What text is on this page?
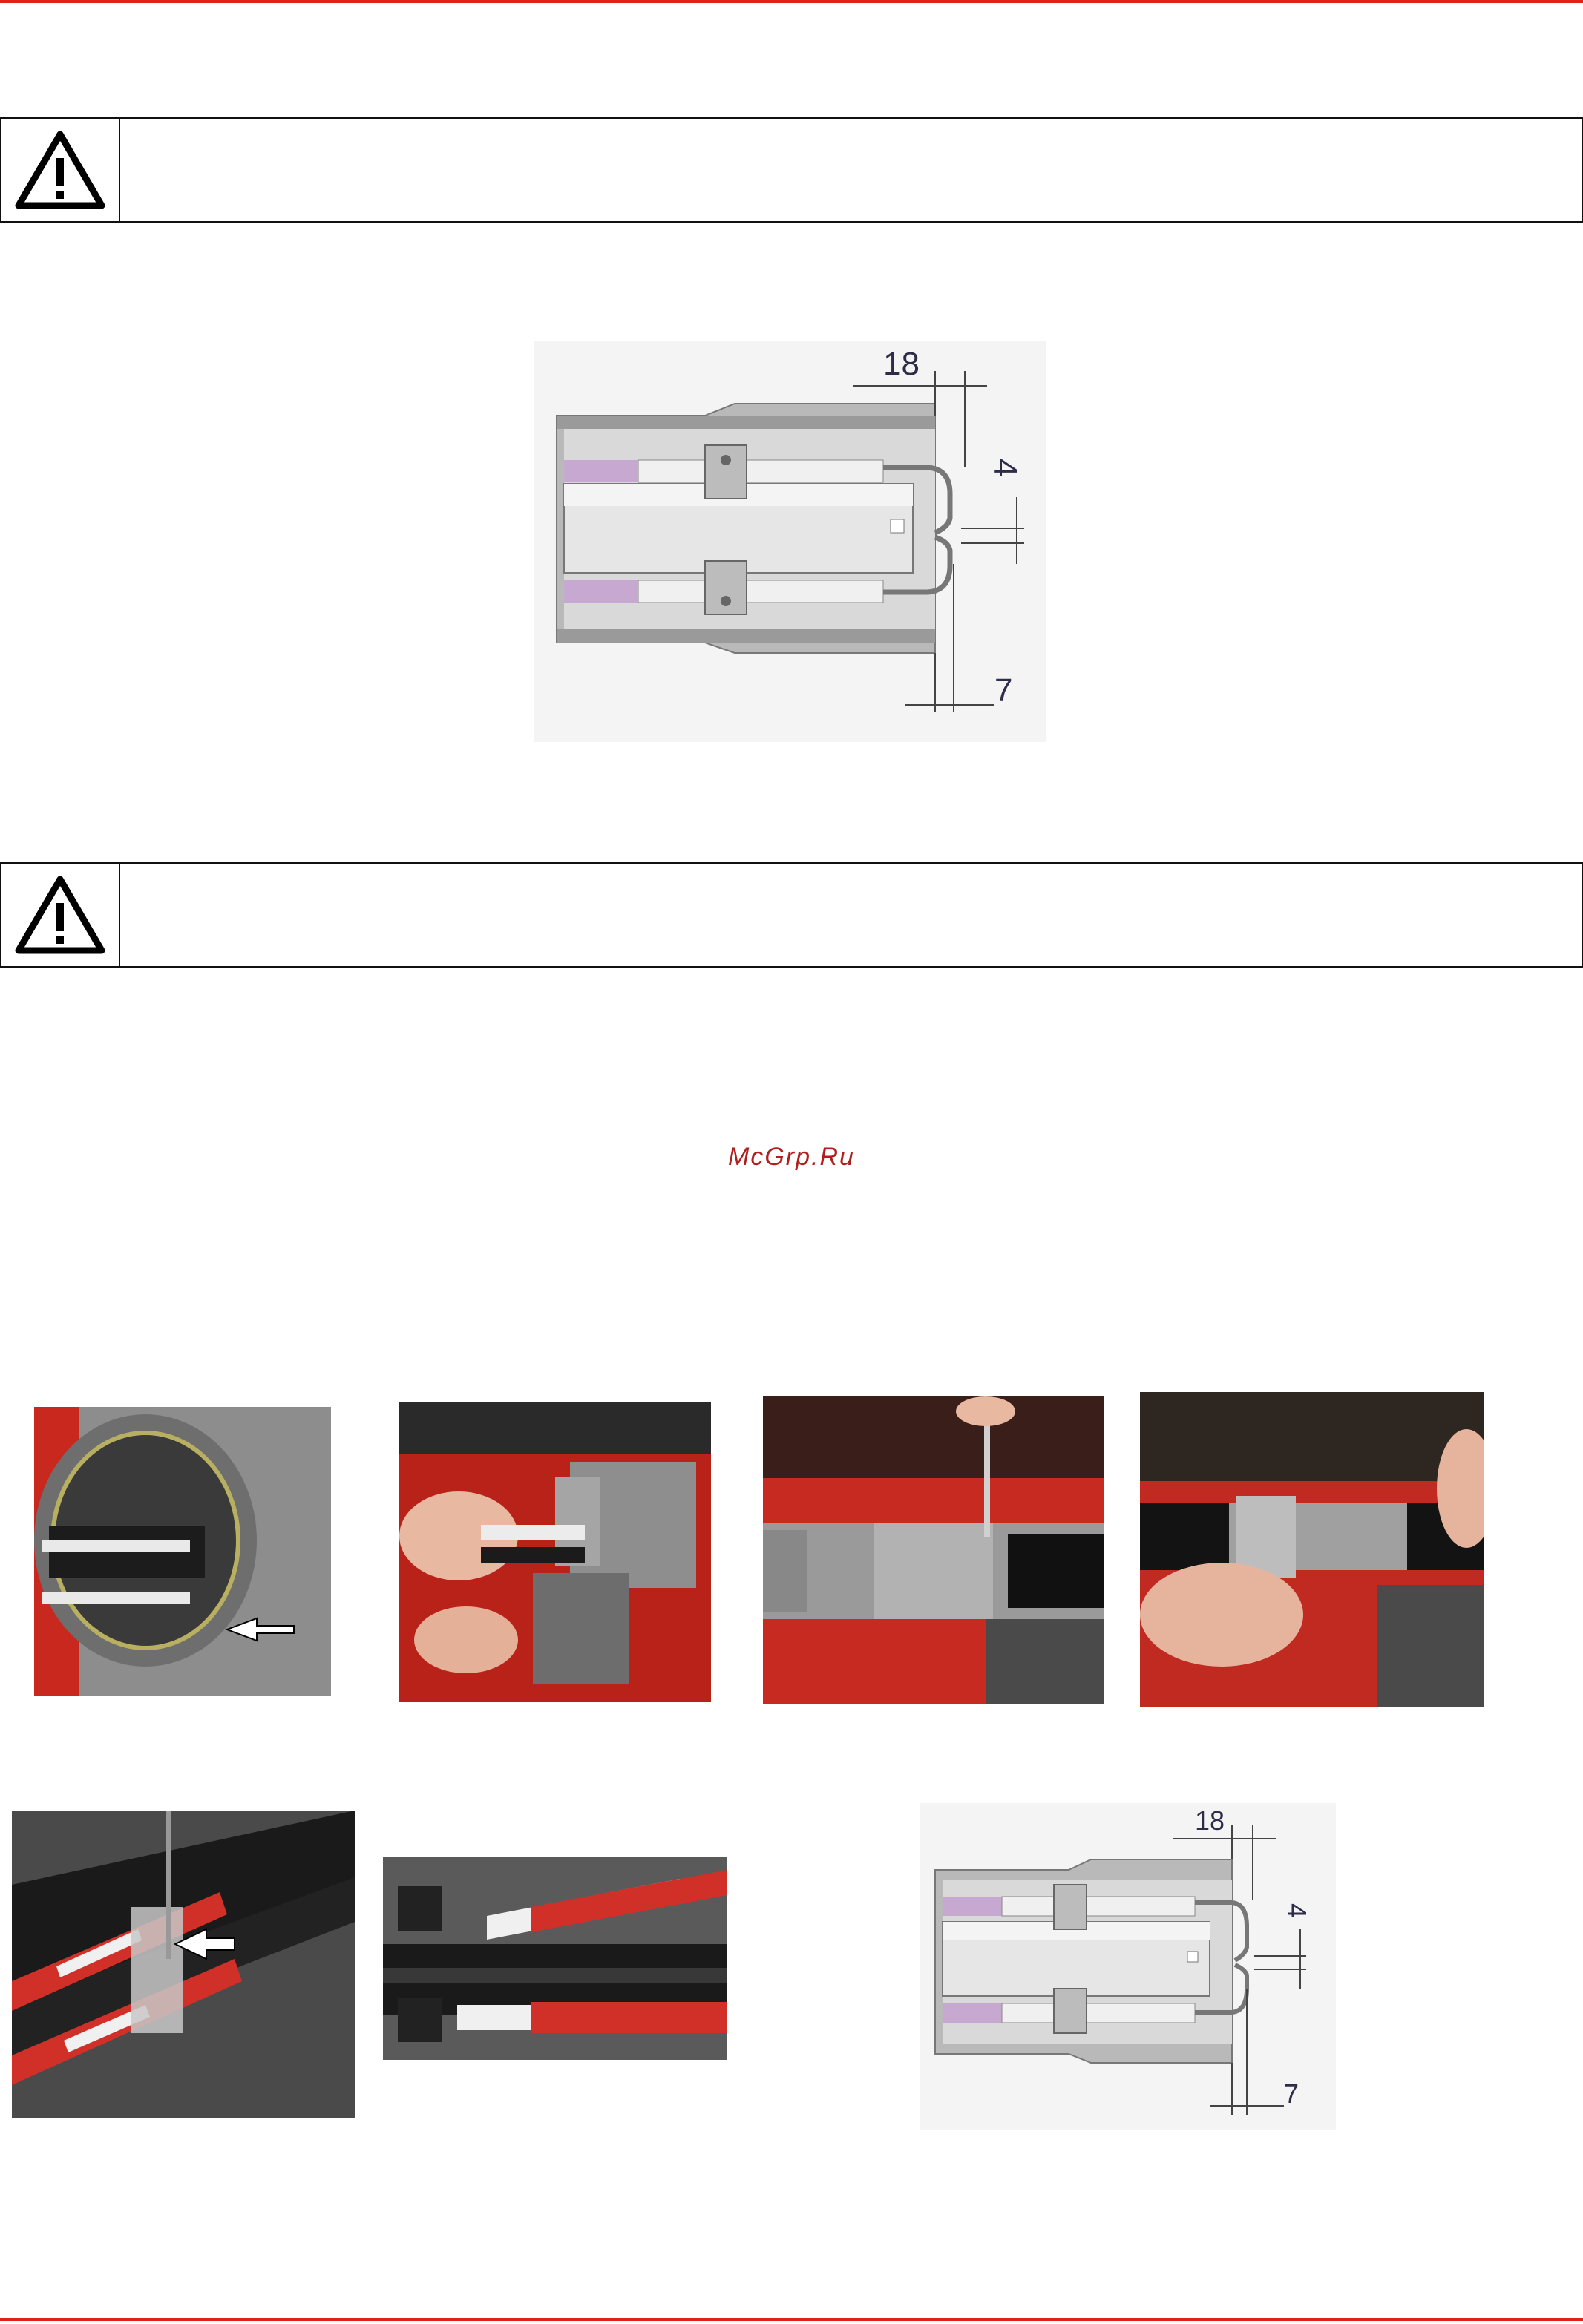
18
4
7
McGrp.Ru
18
4
7
